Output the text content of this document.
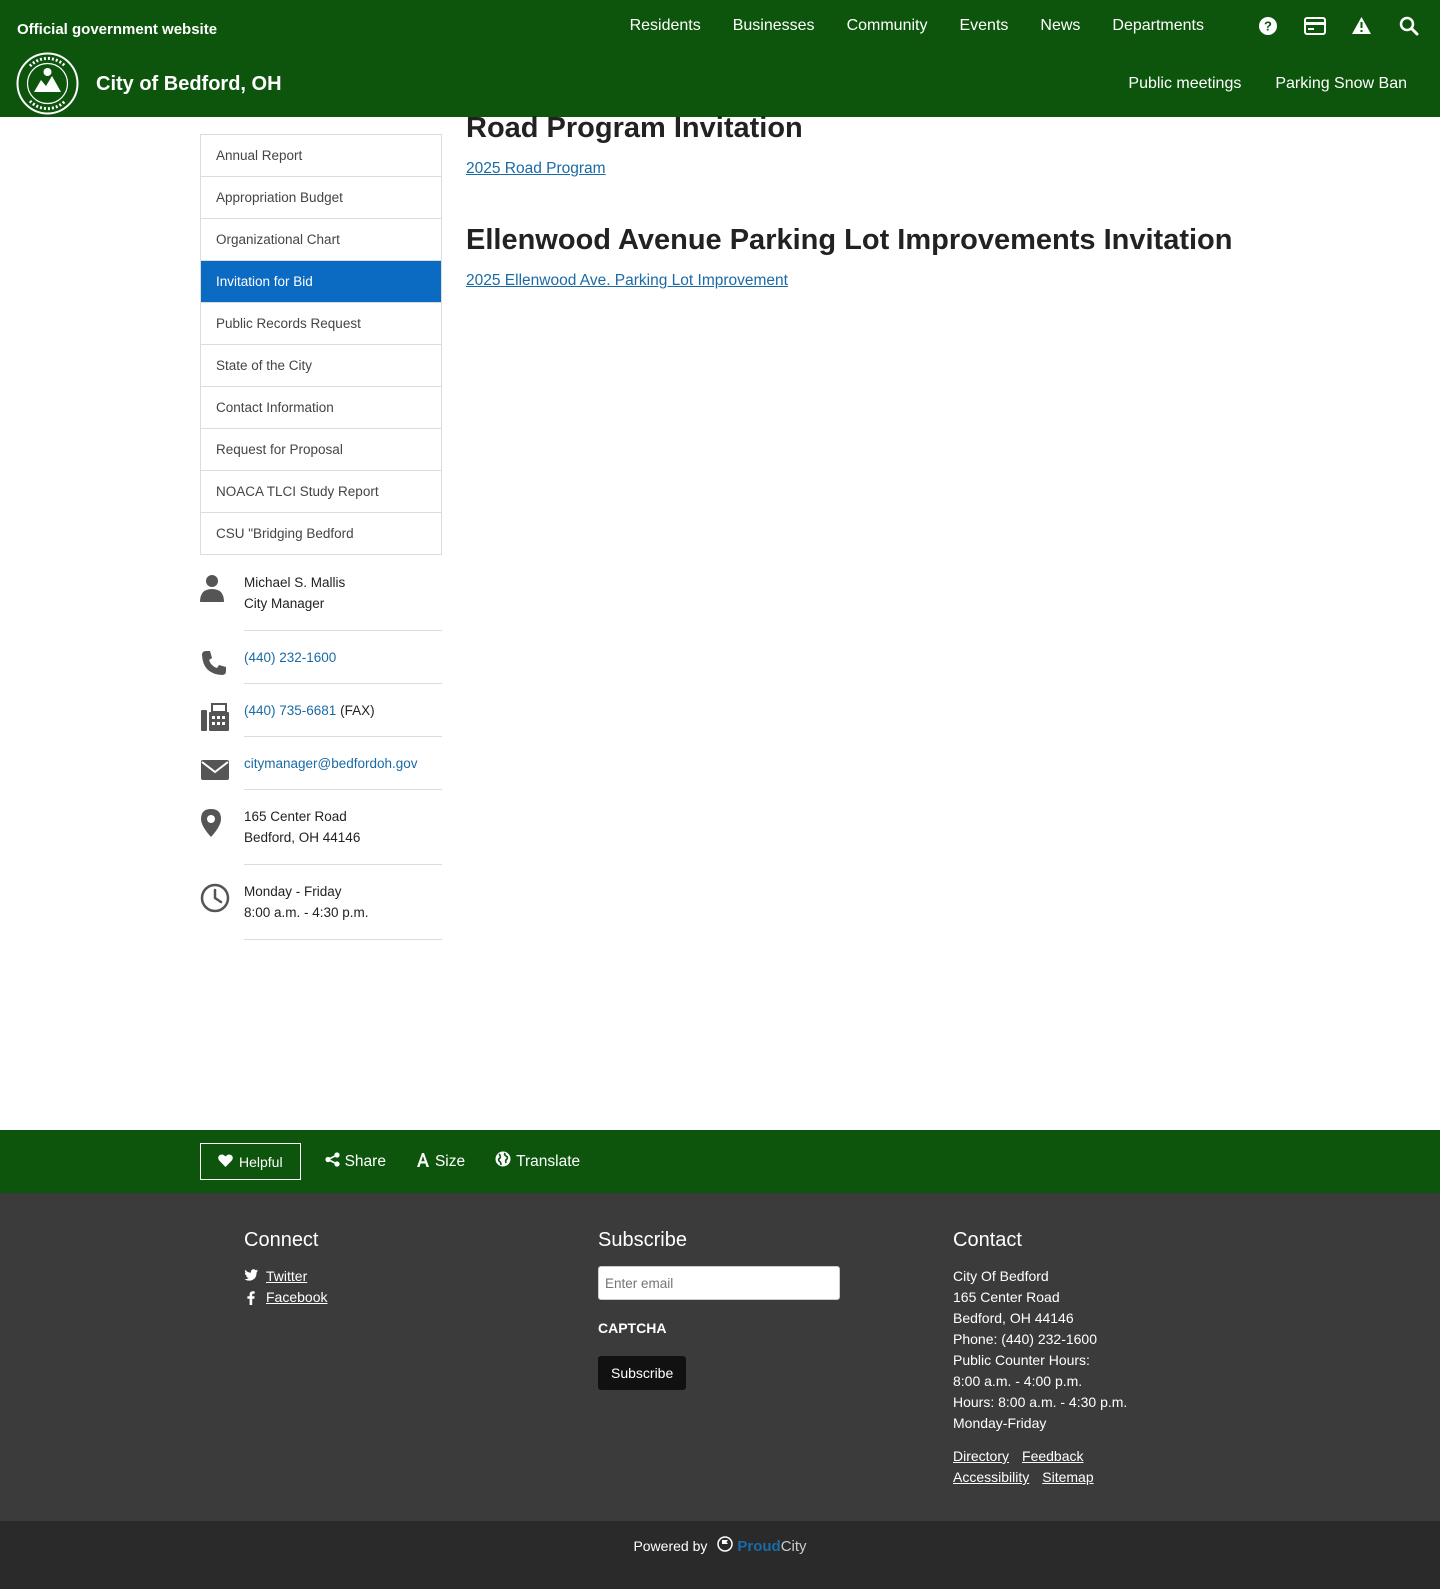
Official government website	Residents	Businesses	Community	Events	News	Departments	?
City of Bedford, OH	Public meetings	Parking Snow Ban
Annual Report
Appropriation Budget
Organizational Chart
Invitation for Bid
Public Records Request
State of the City
Contact Information
Request for Proposal
NOACA TLCI Study Report
CSU "Bridging Bedford
Michael S. Mallis
City Manager
(440) 232-1600
(440) 735-6681 (FAX)
citymanager@bedfordoh.gov
165 Center Road
Bedford, OH 44146
Monday - Friday
8:00 a.m. - 4:30 p.m.
Road Program Invitation
2025 Road Program
Ellenwood Avenue Parking Lot Improvements Invitation
2025 Ellenwood Ave. Parking Lot Improvement
Helpful	Share	Size	Translate
Connect
Twitter
Facebook
Subscribe
Enter email
CAPTCHA
Subscribe
Contact
City Of Bedford
165 Center Road
Bedford, OH 44146
Phone: (440) 232-1600
Public Counter Hours:
8:00 a.m. - 4:00 p.m.
Hours: 8:00 a.m. - 4:30 p.m.
Monday-Friday
Directory Feedback
Accessibility Sitemap
Powered by Proud City
